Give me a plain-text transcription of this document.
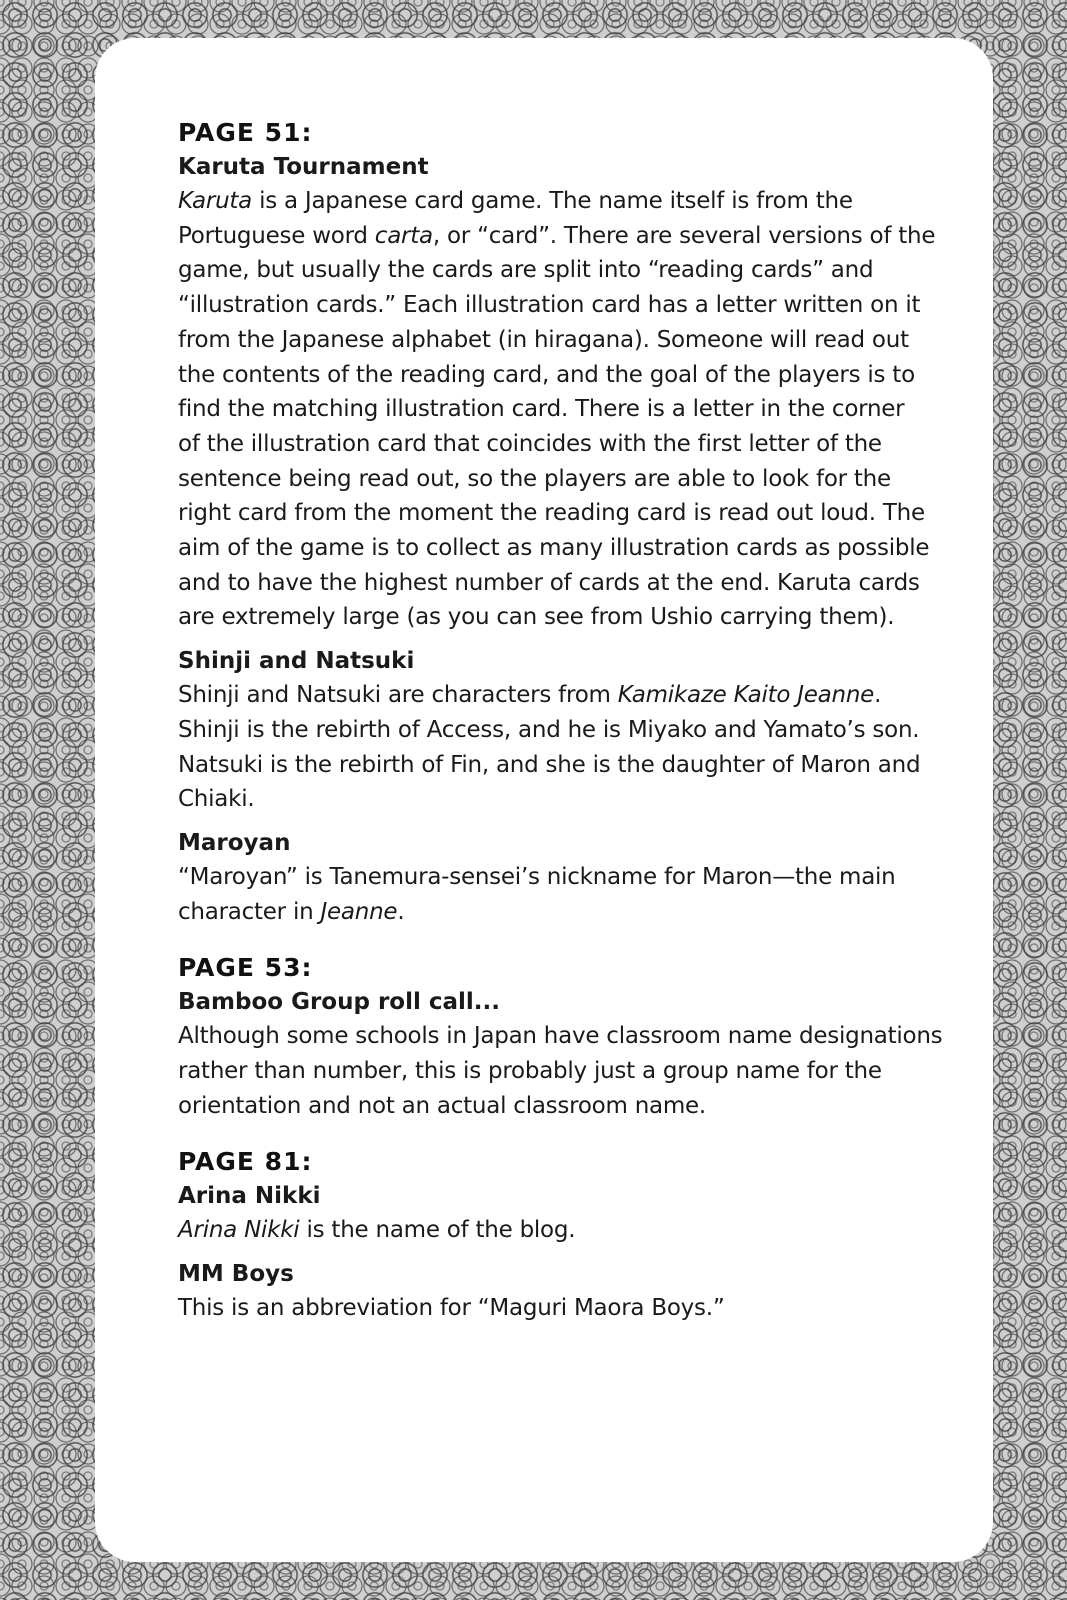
PAGE 51:
Karuta Tournament
Karuta is a Japanese card game. The name itself is from the
Portuguese word carta, or “card”. There are several versions of the
game, but usually the cards are split into “reading cards” and
“illustration cards.” Each illustration card has a letter written on it
from the Japanese alphabet (in hiragana). Someone will read out
the contents of the reading card, and the goal of the players is to
find the matching illustration card. There is a letter in the corner
of the illustration card that coincides with the first letter of the
sentence being read out, so the players are able to look for the
right card from the moment the reading card is read out loud. The
aim of the game is to collect as many illustration cards as possible
and to have the highest number of cards at the end. Karuta cards
are extremely large (as you can see from Ushio carrying them).
Shinji and Natsuki
Shinji and Natsuki are characters from Kamikaze Kaito Jeanne.
Shinji is the rebirth of Access, and he is Miyako and Yamato’s son.
Natsuki is the rebirth of Fin, and she is the daughter of Maron and
Chiaki.
Maroyan
“Maroyan” is Tanemura-sensei’s nickname for Maron—the main
character in Jeanne.
PAGE 53:
Bamboo Group roll call...
Although some schools in Japan have classroom name designations
rather than number, this is probably just a group name for the
orientation and not an actual classroom name.
PAGE 81:
Arina Nikki
Arina Nikki is the name of the blog.
MM Boys
This is an abbreviation for “Maguri Maora Boys.”
